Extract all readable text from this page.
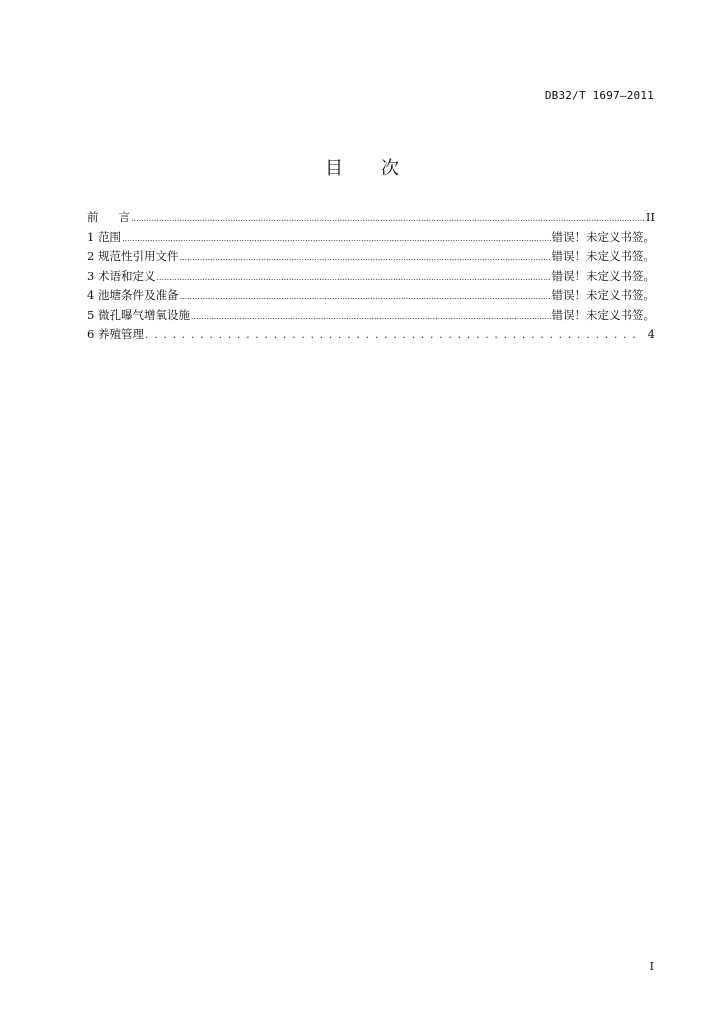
DB32/T 1697—2011
目 次
前 言 .....	II
1 范围 .....	错误！未定义书签。
2 规范性引用文件 .....	错误！未定义书签。
3 术语和定义 .....	错误！未定义书签。
4 池塘条件及准备 .....	错误！未定义书签。
5 微孔曝气增氧设施 .....	错误！未定义书签。
6 养殖管理 . . .	4
I
